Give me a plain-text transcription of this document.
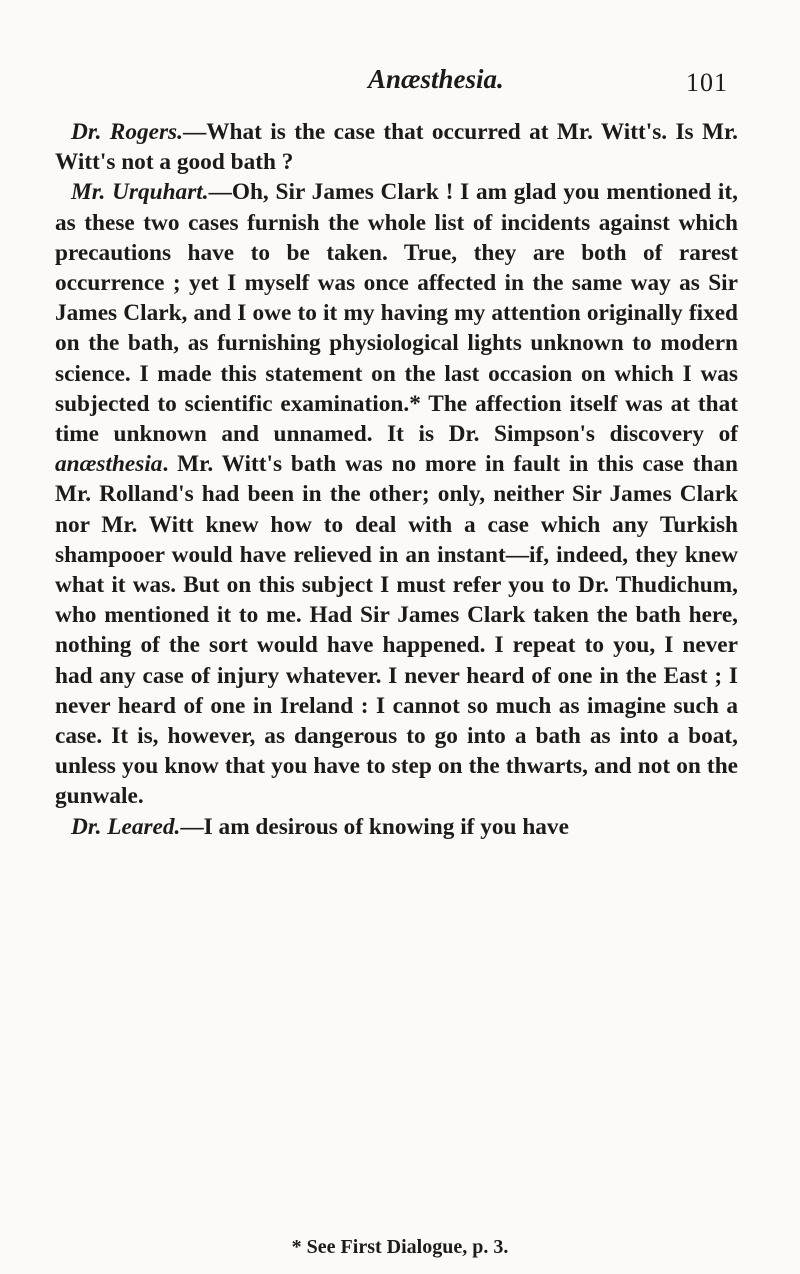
Anæsthesia.	101

Dr. Rogers.—What is the case that occurred at Mr. Witt's. Is Mr. Witt's not a good bath ?

Mr. Urquhart.—Oh, Sir James Clark ! I am glad you mentioned it, as these two cases furnish the whole list of incidents against which precautions have to be taken. True, they are both of rarest occurrence ; yet I myself was once affected in the same way as Sir James Clark, and I owe to it my having my attention originally fixed on the bath, as furnishing physiological lights unknown to modern science. I made this statement on the last occasion on which I was subjected to scientific examination.* The affection itself was at that time unknown and unnamed. It is Dr. Simpson's discovery of anæsthesia. Mr. Witt's bath was no more in fault in this case than Mr. Rolland's had been in the other; only, neither Sir James Clark nor Mr. Witt knew how to deal with a case which any Turkish shampooer would have relieved in an instant—if, indeed, they knew what it was. But on this subject I must refer you to Dr. Thudichum, who mentioned it to me. Had Sir James Clark taken the bath here, nothing of the sort would have happened. I repeat to you, I never had any case of injury whatever. I never heard of one in the East ; I never heard of one in Ireland : I cannot so much as imagine such a case. It is, however, as dangerous to go into a bath as into a boat, unless you know that you have to step on the thwarts, and not on the gunwale.

Dr. Leared.—I am desirous of knowing if you have

* See First Dialogue, p. 3.
